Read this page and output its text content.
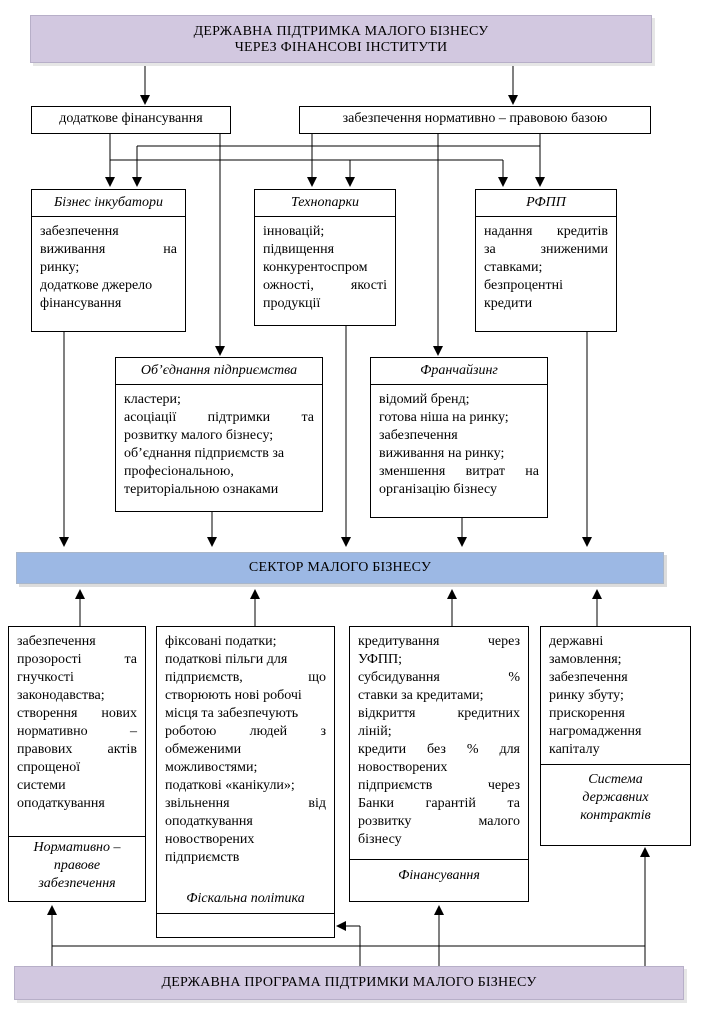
ДЕРЖАВНА ПІДТРИМКА МАЛОГО БІЗНЕСУ
ЧЕРЕЗ ФІНАНСОВІ ІНСТИТУТИ
додаткове фінансування	забезпечення нормативно – правовою базою
Бізнес інкубатори
забезпечення
виживання на
ринку;
додаткове джерело
фінансування
Технопарки
інновацій;
підвищення
конкурентоспром
ожності, якості
продукції
РФПП
надання кредитів
за зниженими
ставками;
безпроцентні
кредити
Об’єднання підприємства
кластери;
асоціації підтримки та
розвитку малого бізнесу;
об’єднання підприємств за
професіональною,
територіальною ознаками
Франчайзинг
відомий бренд;
готова ніша на ринку;
забезпечення
виживання на ринку;
зменшення витрат на
організацію бізнесу
СЕКТОР МАЛОГО БІЗНЕСУ
забезпечення
прозорості та
гнучкості
законодавства;
створення нових
нормативно –
правових актів
спрощеної
системи
оподаткування
Нормативно –
правове
забезпечення
фіксовані податки;
податкові пільги для
підприємств, що
створюють нові робочі
місця та забезпечують
роботою людей з
обмеженими
можливостями;
податкові «канікули»;
звільнення від
оподаткування
новостворених
підприємств
Фіскальна політика
кредитування через
УФПП;
субсидування %
ставки за кредитами;
відкриття кредитних
ліній;
кредити без % для
новостворених
підприємств через
Банки гарантій та
розвитку малого
бізнесу
Фінансування
державні
замовлення;
забезпечення
ринку збуту;
прискорення
нагромадження
капіталу
Система
державних
контрактів
ДЕРЖАВНА ПРОГРАМА ПІДТРИМКИ МАЛОГО БІЗНЕСУ
